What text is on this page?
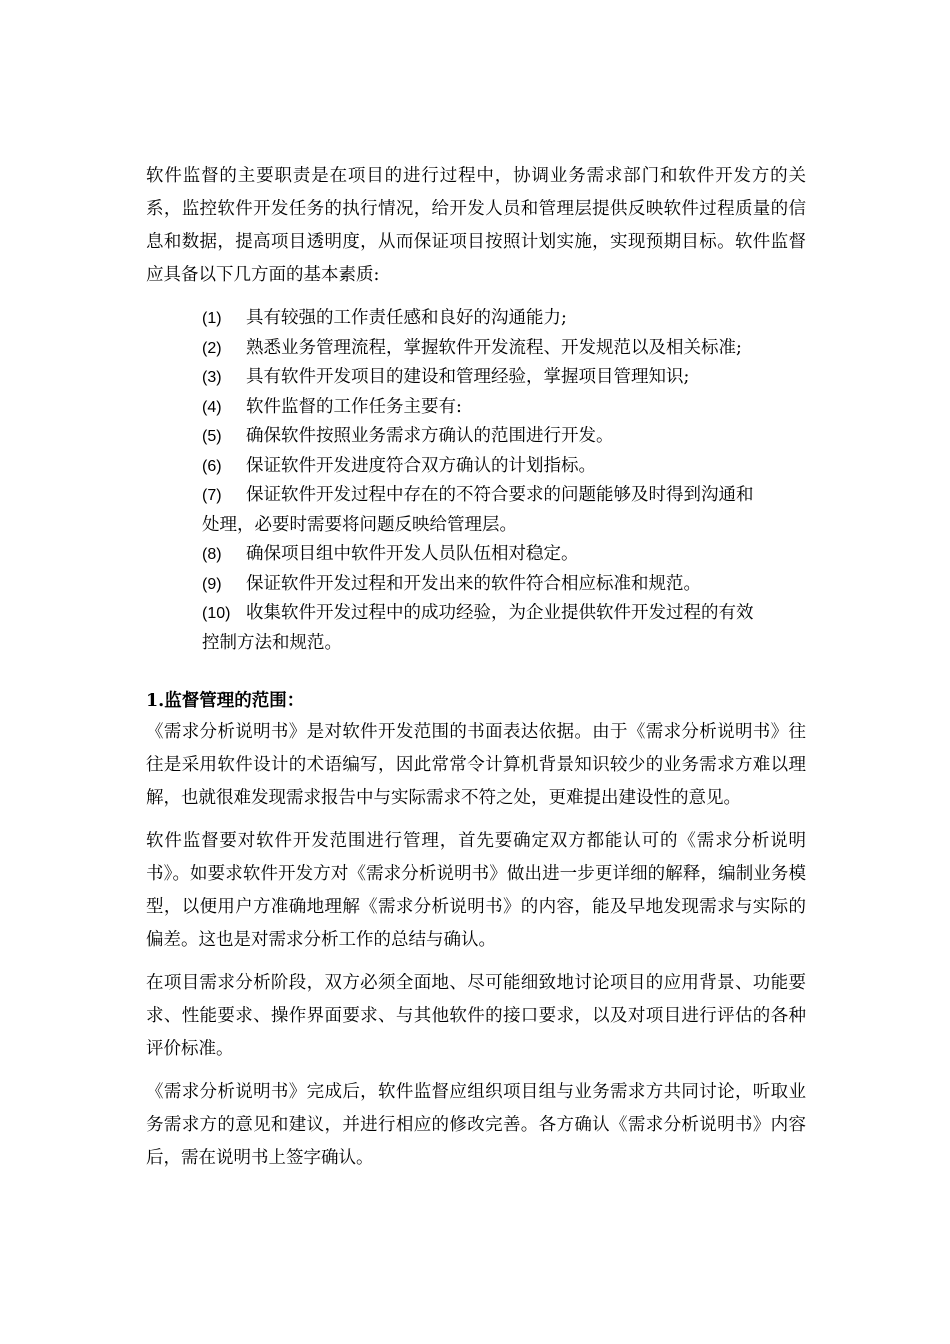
软件监督的主要职责是在项目的进行过程中，协调业务需求部门和软件开发方的关系，监控软件开发任务的执行情况，给开发人员和管理层提供反映软件过程质量的信息和数据，提高项目透明度，从而保证项目按照计划实施，实现预期目标。软件监督应具备以下几方面的基本素质:

(1) 具有较强的工作责任感和良好的沟通能力;
(2) 熟悉业务管理流程，掌握软件开发流程、开发规范以及相关标准;
(3) 具有软件开发项目的建设和管理经验，掌握项目管理知识;
(4) 软件监督的工作任务主要有:
(5) 确保软件按照业务需求方确认的范围进行开发。
(6) 保证软件开发进度符合双方确认的计划指标。
(7) 保证软件开发过程中存在的不符合要求的问题能够及时得到沟通和
处理，必要时需要将问题反映给管理层。
(8) 确保项目组中软件开发人员队伍相对稳定。
(9) 保证软件开发过程和开发出来的软件符合相应标准和规范。
(10) 收集软件开发过程中的成功经验，为企业提供软件开发过程的有效
控制方法和规范。
1.监督管理的范围：

《需求分析说明书》是对软件开发范围的书面表达依据。由于《需求分析说明书》往往是采用软件设计的术语编写，因此常常令计算机背景知识较少的业务需求方难以理解，也就很难发现需求报告中与实际需求不符之处，更难提出建设性的意见。

软件监督要对软件开发范围进行管理，首先要确定双方都能认可的《需求分析说明书》。如要求软件开发方对《需求分析说明书》做出进一步更详细的解释，编制业务模型，以便用户方准确地理解《需求分析说明书》的内容，能及早地发现需求与实际的偏差。这也是对需求分析工作的总结与确认。

在项目需求分析阶段，双方必须全面地、尽可能细致地讨论项目的应用背景、功能要求、性能要求、操作界面要求、与其他软件的接口要求，以及对项目进行评估的各种评价标准。

《需求分析说明书》完成后，软件监督应组织项目组与业务需求方共同讨论，听取业务需求方的意见和建议，并进行相应的修改完善。各方确认《需求分析说明书》内容后，需在说明书上签字确认。
